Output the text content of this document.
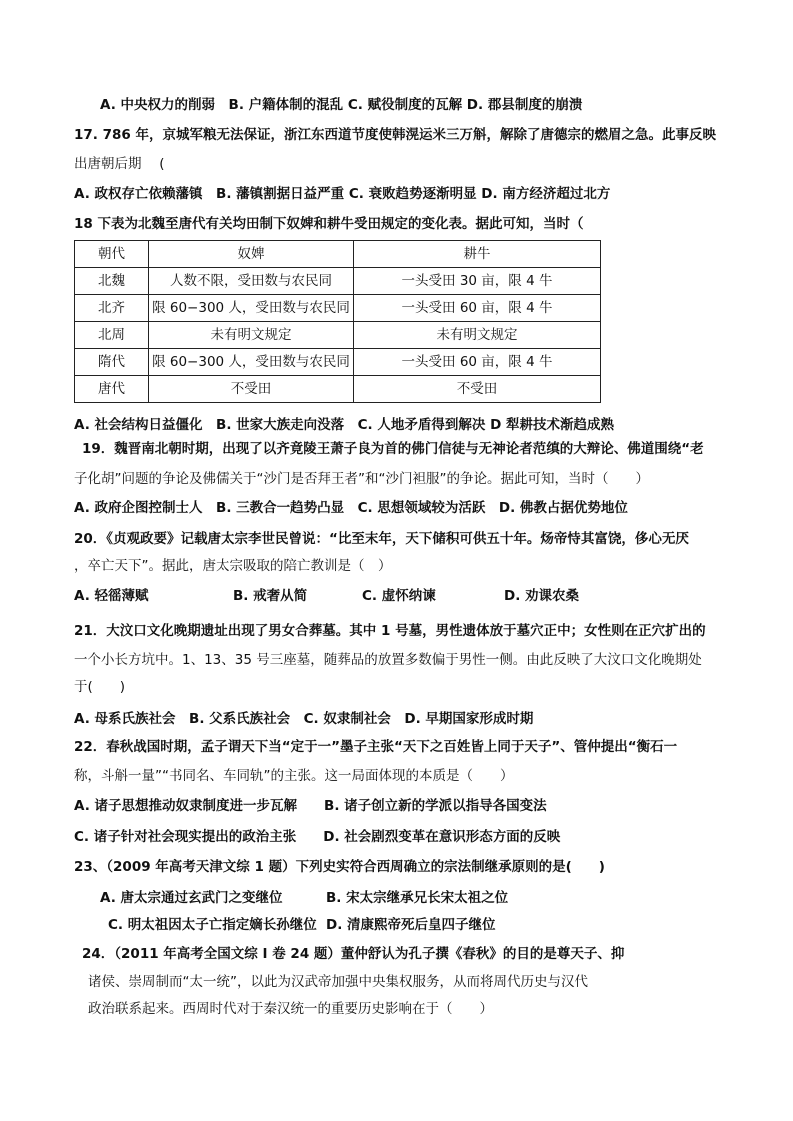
A. 中央权力的削弱　B. 户籍体制的混乱 C. 赋役制度的瓦解 D. 郡县制度的崩溃
17. 786 年，京城军粮无法保证，浙江东西道节度使韩滉运米三万斛，解除了唐德宗的燃眉之急。此事反映
出唐朝后期　 (
A. 政权存亡依赖藩镇　B. 藩镇割据日益严重 C. 衰败趋势逐渐明显 D. 南方经济超过北方
18 下表为北魏至唐代有关均田制下奴婢和耕牛受田规定的变化表。据此可知，当时（
朝代	奴婢	耕牛
北魏	人数不限，受田数与农民同	一头受田 30 亩，限 4 牛
北齐	限 60−300 人，受田数与农民同	一头受田 60 亩，限 4 牛
北周	未有明文规定	未有明文规定
隋代	限 60−300 人，受田数与农民同	一头受田 60 亩，限 4 牛
唐代	不受田	不受田
A. 社会结构日益僵化　B. 世家大族走向没落　C. 人地矛盾得到解决 D 犁耕技术渐趋成熟
19．魏晋南北朝时期，出现了以齐竟陵王萧子良为首的佛门信徒与无神论者范缜的大辩论、佛道围绕“老
子化胡”问题的争论及佛儒关于“沙门是否拜王者”和“沙门袒服”的争论。据此可知，当时（　　）
A. 政府企图控制士人　B. 三教合一趋势凸显　C. 思想领域较为活跃　D. 佛教占据优势地位
20．《贞观政要》记载唐太宗李世民曾说：“比至末年，天下储积可供五十年。炀帝恃其富饶，侈心无厌
，卒亡天下”。据此，唐太宗吸取的陪亡教训是（　）
A. 轻徭薄赋	B. 戒奢从简	C. 虚怀纳谏	D. 劝课农桑
21．大汶口文化晚期遗址出现了男女合葬墓。其中 1 号墓，男性遗体放于墓穴正中；女性则在正穴扩出的
一个小长方坑中。1、13、35 号三座墓，随葬品的放置多数偏于男性一侧。由此反映了大汶口文化晚期处
于(　　)
A. 母系氏族社会　B. 父系氏族社会　C. 奴隶制社会　D. 早期国家形成时期
22．春秋战国时期，孟子谓天下当“定于一”墨子主张“天下之百姓皆上同于天子”、管仲提出“衡石一
称，斗斛一量”“书同名、车同轨”的主张。这一局面体现的本质是（　　）
A. 诸子思想推动奴隶制度进一步瓦解　　B. 诸子创立新的学派以指导各国变法
C. 诸子针对社会现实提出的政治主张　　D. 社会剧烈变革在意识形态方面的反映
23、（2009 年高考天津文综 1 题）下列史实符合西周确立的宗法制继承原则的是(　　)
A. 唐太宗通过玄武门之变继位	B. 宋太宗继承兄长宋太祖之位
C. 明太祖因太子亡指定嫡长孙继位 D. 清康熙帝死后皇四子继位
24．（2011 年高考全国文综 I 卷 24 题）董仲舒认为孔子撰《春秋》的目的是尊天子、抑
诸侯、崇周制而“太一统”，以此为汉武帝加强中央集权服务，从而将周代历史与汉代
政治联系起来。西周时代对于秦汉统一的重要历史影响在于（　　）
